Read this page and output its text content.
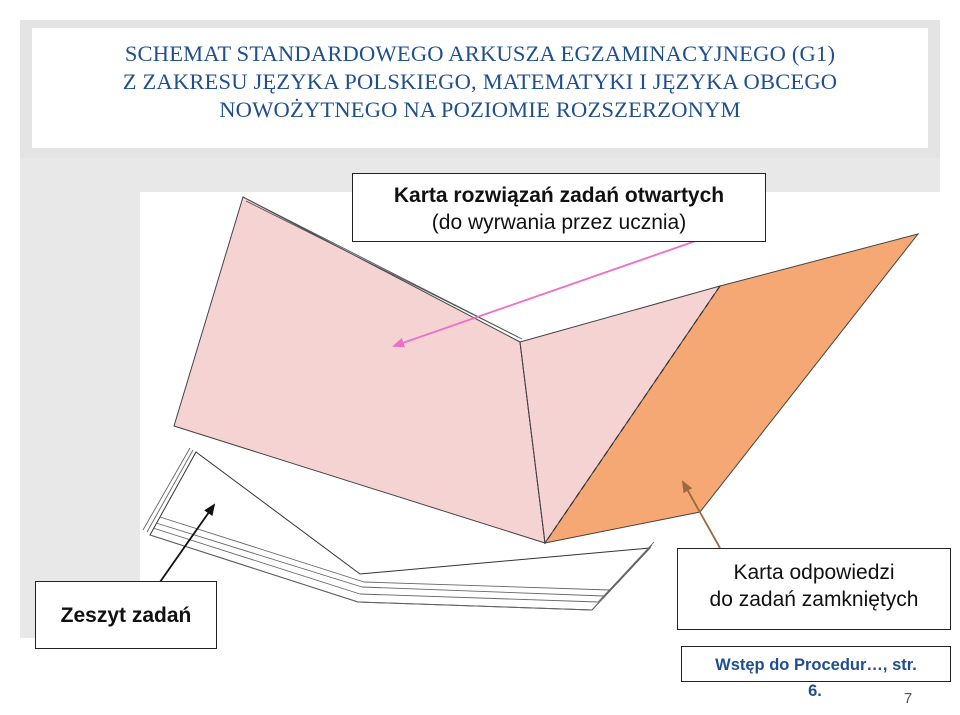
SCHEMAT STANDARDOWEGO ARKUSZA EGZAMINACYJNEGO (G1)
Z ZAKRESU JĘZYKA POLSKIEGO, MATEMATYKI I JĘZYKA OBCEGO
NOWOŻYTNEGO NA POZIOMIE ROZSZERZONYM
Karta rozwiązań zadań otwartych
(do wyrwania przez ucznia)
Zeszyt zadań
Karta odpowiedzi
do zadań zamkniętych
Wstęp do Procedur…, str.
6.	7
